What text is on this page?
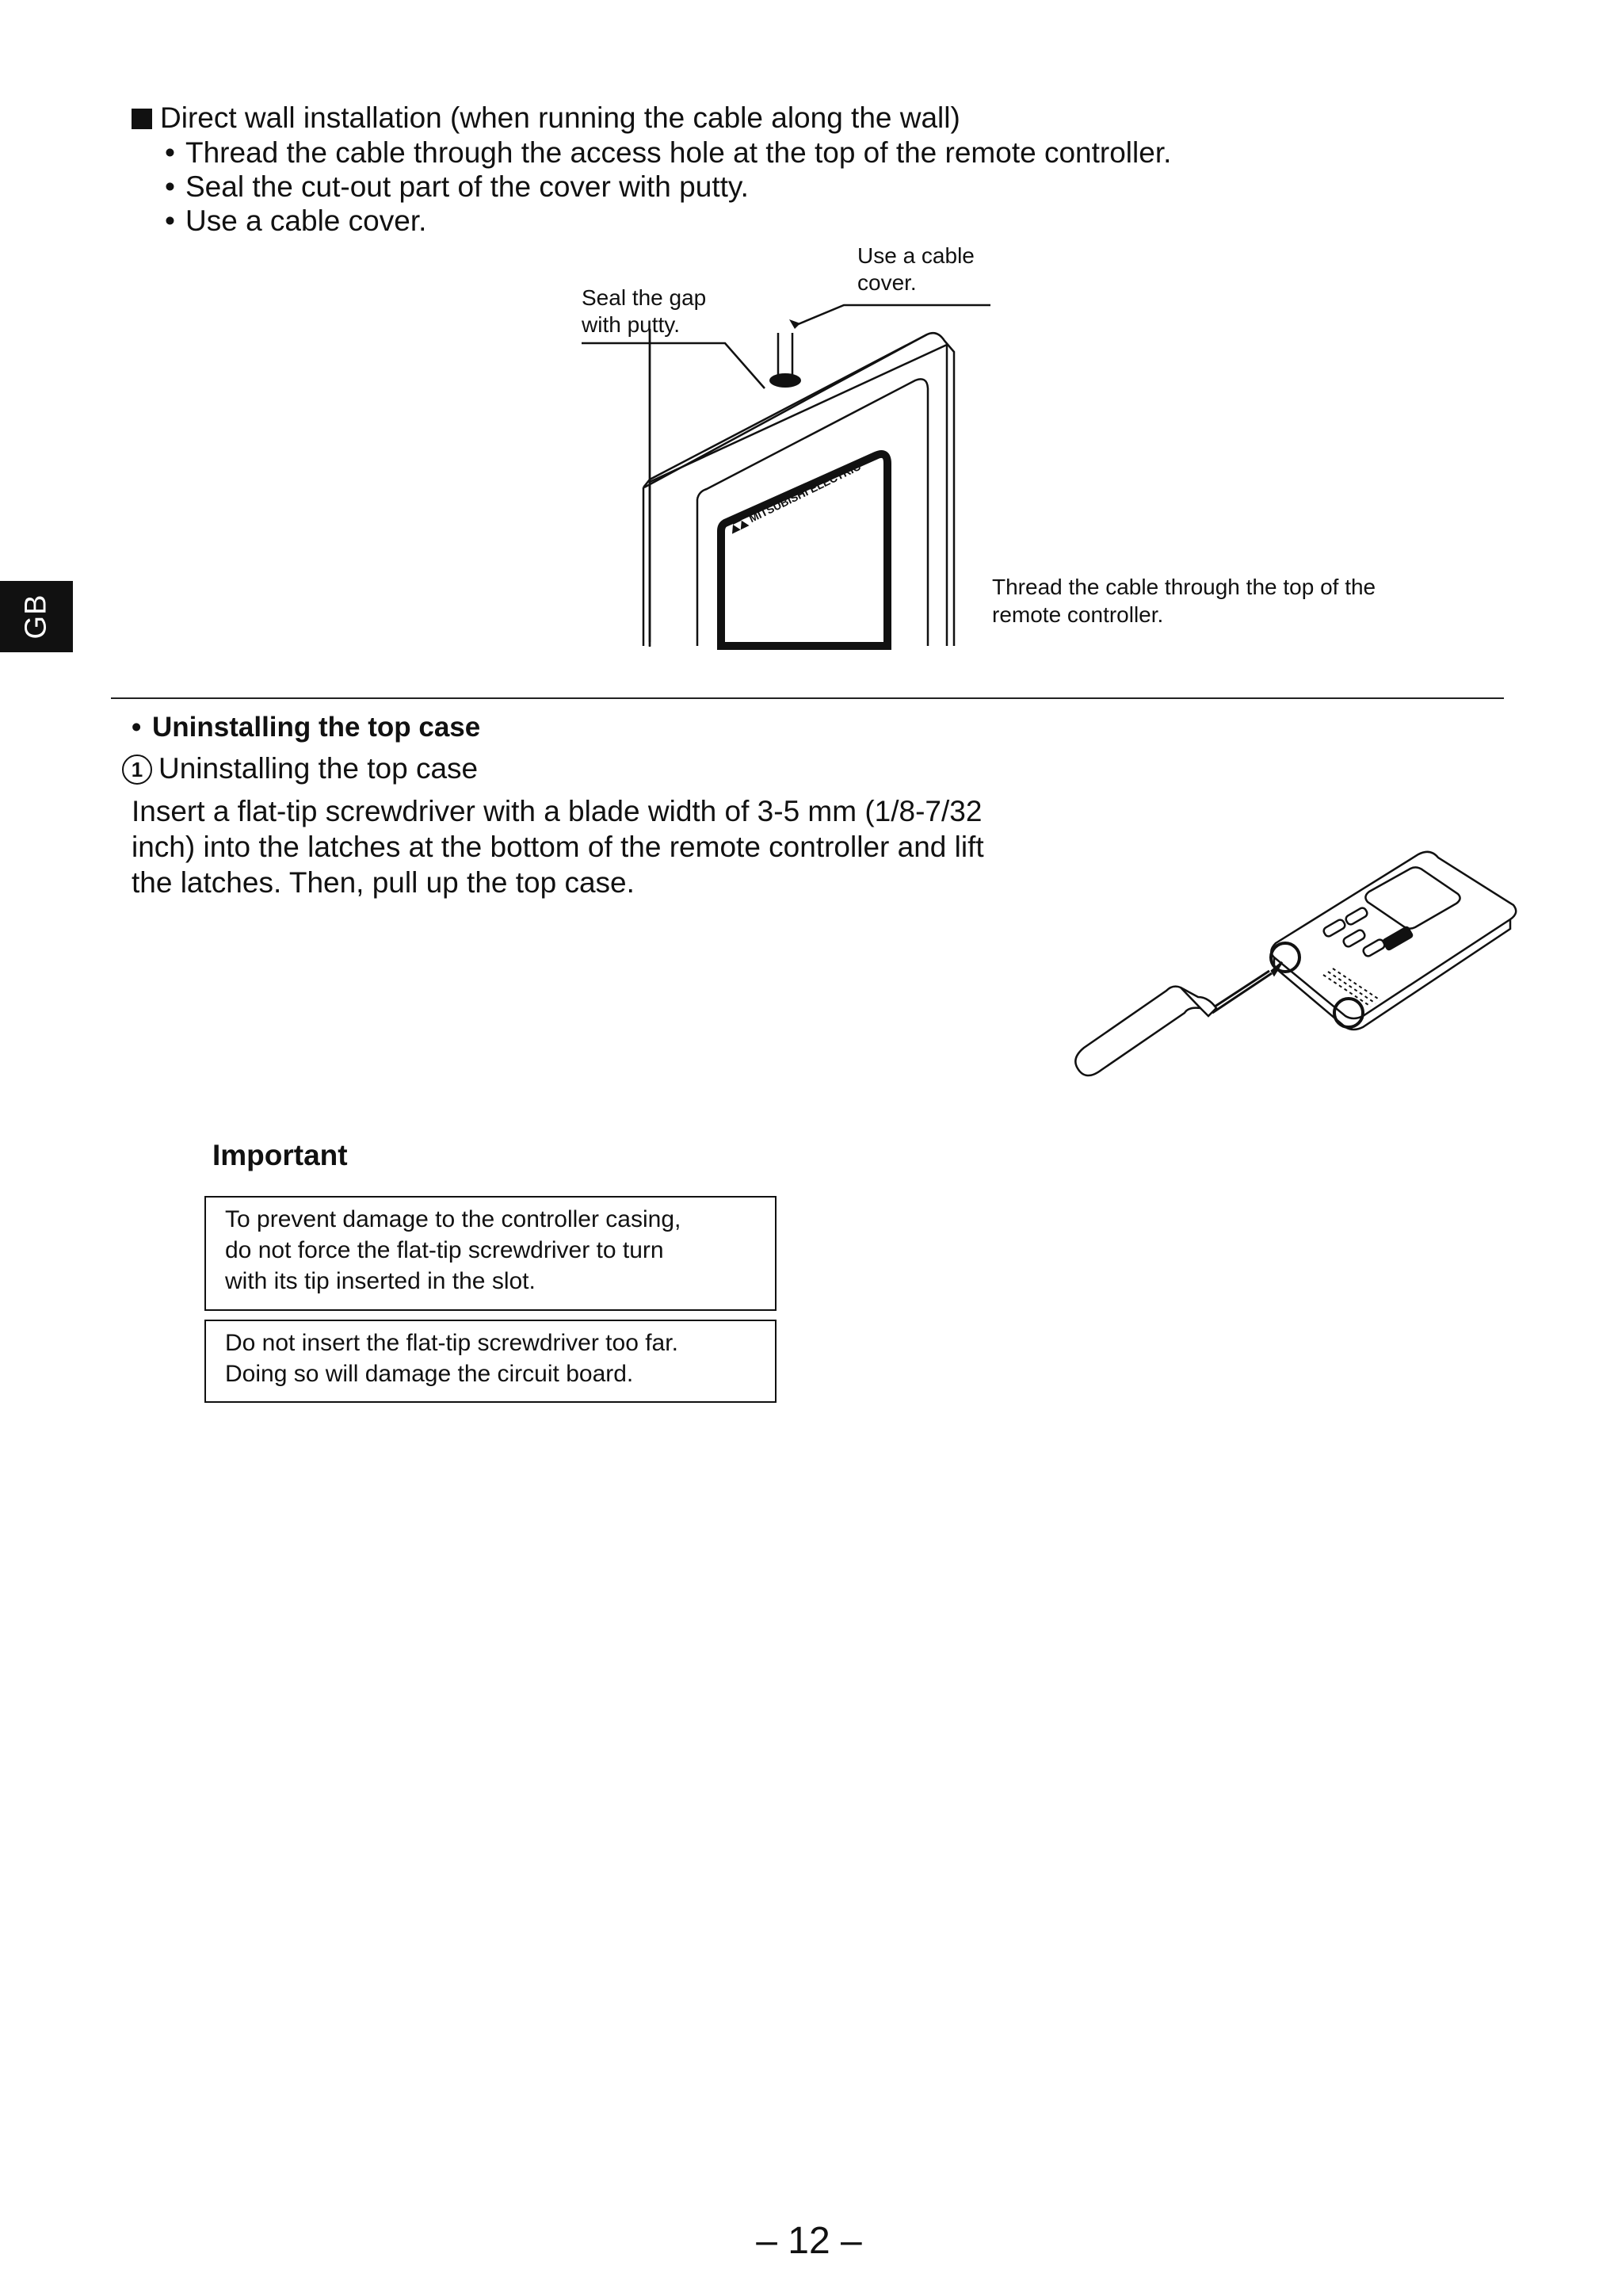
GB
Direct wall installation (when running the cable along the wall)
• Thread the cable through the access hole at the top of the remote controller.
• Seal the cut-out part of the cover with putty.
• Use a cable cover.
Use a cable
cover.
Seal the gap
with putty.
Thread the cable through the top of the
remote controller.
MITSUBISHI ELECTRIC
• Uninstalling the top case
1 Uninstalling the top case
Insert a flat-tip screwdriver with a blade width of 3-5 mm (1/8-7/32
inch) into the latches at the bottom of the remote controller and lift
the latches. Then, pull up the top case.
Important
To prevent damage to the controller casing,
do not force the flat-tip screwdriver to turn
with its tip inserted in the slot.
Do not insert the flat-tip screwdriver too far.
Doing so will damage the circuit board.
– 12 –
